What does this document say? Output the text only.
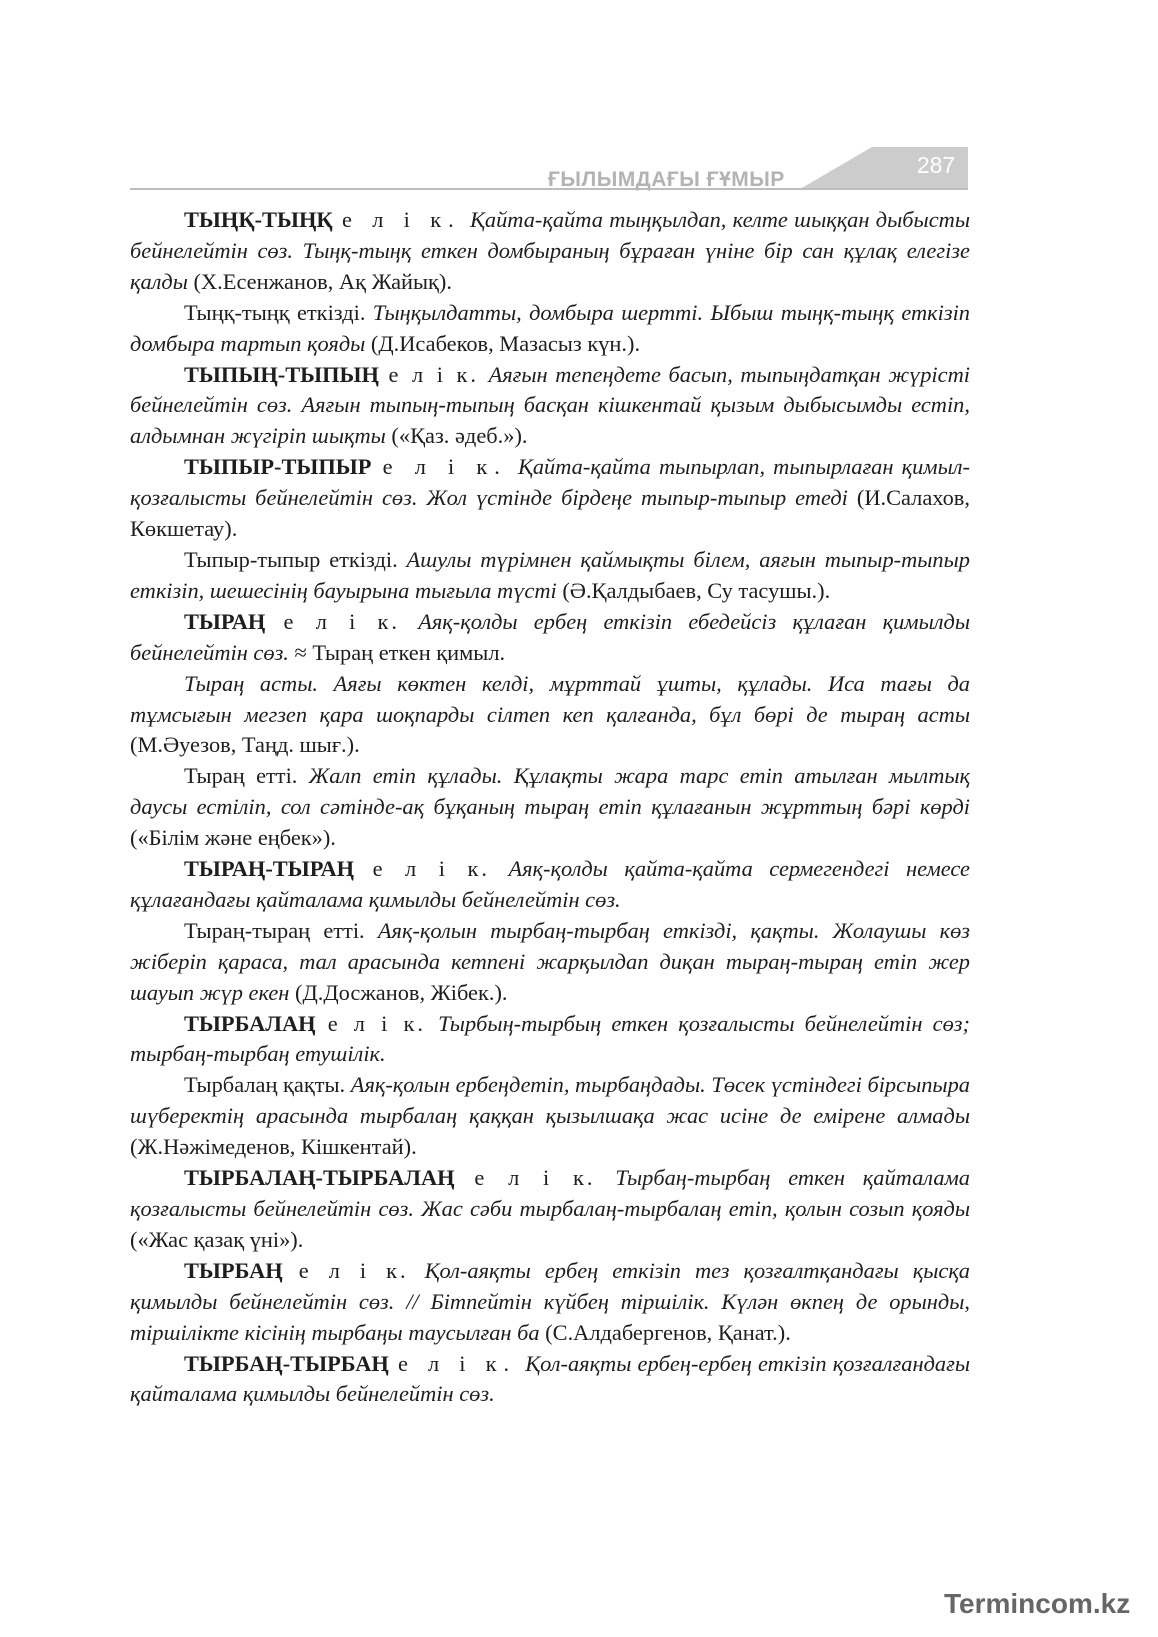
ҒЫЛЫМДАҒЫ ҒҰМЫР
287

ТЫҢҚ-ТЫҢҚ е л і к. Қайта-қайта тыңқылдап, келте шыққан дыбысты бейнелейтін сөз. Тыңқ-тыңқ еткен домбыраның бұраған үніне бір сан құлақ елегізе қалды (Х.Есенжанов, Ақ Жайық).

Тыңқ-тыңқ еткізді. Тыңқылдатты, домбыра шертті. Ыбыш тыңқ-тыңқ еткізіп домбыра тартып қояды (Д.Исабеков, Мазасыз күн.).

ТЫПЫҢ-ТЫПЫҢ е л і к. Аяғын тепеңдете басып, тыпыңдатқан жүрісті бейнелейтін сөз. Аяғын тыпың-тыпың басқан кішкентай қызым дыбысымды естіп, алдымнан жүгіріп шықты («Қаз. әдеб.»).

ТЫПЫР-ТЫПЫР е л і к. Қайта-қайта тыпырлап, тыпырлаған қимыл-қозғалысты бейнелейтін сөз. Жол үстінде бірдеңе тыпыр-тыпыр етеді (И.Салахов, Көкшетау).

Тыпыр-тыпыр еткізді. Ашулы түрімнен қаймықты білем, аяғын тыпыр-тыпыр еткізіп, шешесінің бауырына тығыла түсті (Ә.Қалдыбаев, Су тасушы.).

ТЫРАҢ е л і к. Аяқ-қолды ербең еткізіп ебедейсіз құлаған қимылды бейнелейтін сөз. ≈ Тыраң еткен қимыл.

Тыраң асты. Аяғы көктен келді, мұрттай ұшты, құлады. Иса тағы да тұмсығын мегзеп қара шоқпарды сілтеп кеп қалғанда, бұл бөрі де тыраң асты (М.Әуезов, Таңд. шығ.).

Тыраң етті. Жалп етіп құлады. Құлақты жара тарс етіп атылған мылтық даусы естіліп, сол сәтінде-ақ бұқаның тыраң етіп құлағанын жұрттың бәрі көрді («Білім және еңбек»).

ТЫРАҢ-ТЫРАҢ е л і к. Аяқ-қолды қайта-қайта сермегендегі немесе құлағандағы қайталама қимылды бейнелейтін сөз.

Тыраң-тыраң етті. Аяқ-қолын тырбаң-тырбаң еткізді, қақты. Жолаушы көз жіберіп қараса, тал арасында кетпені жарқылдап диқан тыраң-тыраң етіп жер шауып жүр екен (Д.Досжанов, Жібек.).

ТЫРБАЛАҢ е л і к. Тырбың-тырбың еткен қозғалысты бейнелейтін сөз; тырбаң-тырбаң етушілік.

Тырбалаң қақты. Аяқ-қолын ербеңдетіп, тырбаңдады. Төсек үстіндегі бірсыпыра шүберектің арасында тырбалаң қаққан қызылшақа жас исіне де емірене алмады (Ж.Нәжімеденов, Кішкентай).

ТЫРБАЛАҢ-ТЫРБАЛАҢ е л і к. Тырбаң-тырбаң еткен қайталама қозғалысты бейнелейтін сөз. Жас сәби тырбалаң-тырбалаң етіп, қолын созып қояды («Жас қазақ үні»).

ТЫРБАҢ е л і к. Қол-аяқты ербең еткізіп тез қозғалтқандағы қысқа қимылды бейнелейтін сөз. // Бітпейтін күйбең тіршілік. Күлән өкпең де орынды, тіршілікте кісінің тырбаңы таусылған ба (С.Алдабергенов, Қанат.).

ТЫРБАҢ-ТЫРБАҢ е л і к. Қол-аяқты ербең-ербең еткізіп қозғалғандағы қайталама қимылды бейнелейтін сөз.

Termincom.kz
